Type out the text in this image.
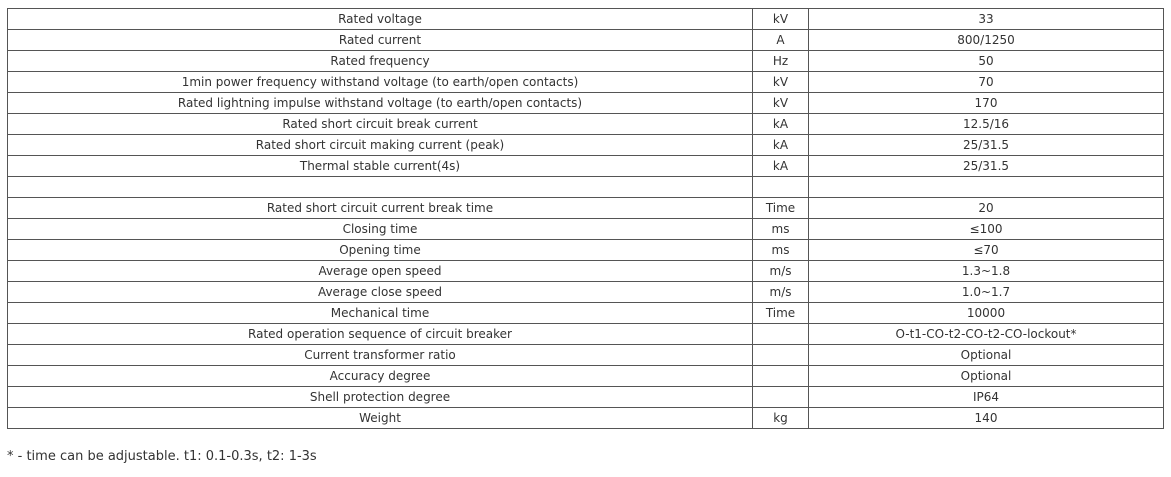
Rated voltage	kV	33
Rated current	A	800/1250
Rated frequency	Hz	50
1min power frequency withstand voltage (to earth/open contacts)	kV	70
Rated lightning impulse withstand voltage (to earth/open contacts)	kV	170
Rated short circuit break current	kA	12.5/16
Rated short circuit making current (peak)	kA	25/31.5
Thermal stable current(4s)	kA	25/31.5

Rated short circuit current break time	Time	20
Closing time	ms	≤100
Opening time	ms	≤70
Average open speed	m/s	1.3~1.8
Average close speed	m/s	1.0~1.7
Mechanical time	Time	10000
Rated operation sequence of circuit breaker		O-t1-CO-t2-CO-t2-CO-lockout*
Current transformer ratio		Optional
Accuracy degree		Optional
Shell protection degree		IP64
Weight	kg	140
* - time can be adjustable. t1: 0.1-0.3s, t2: 1-3s
